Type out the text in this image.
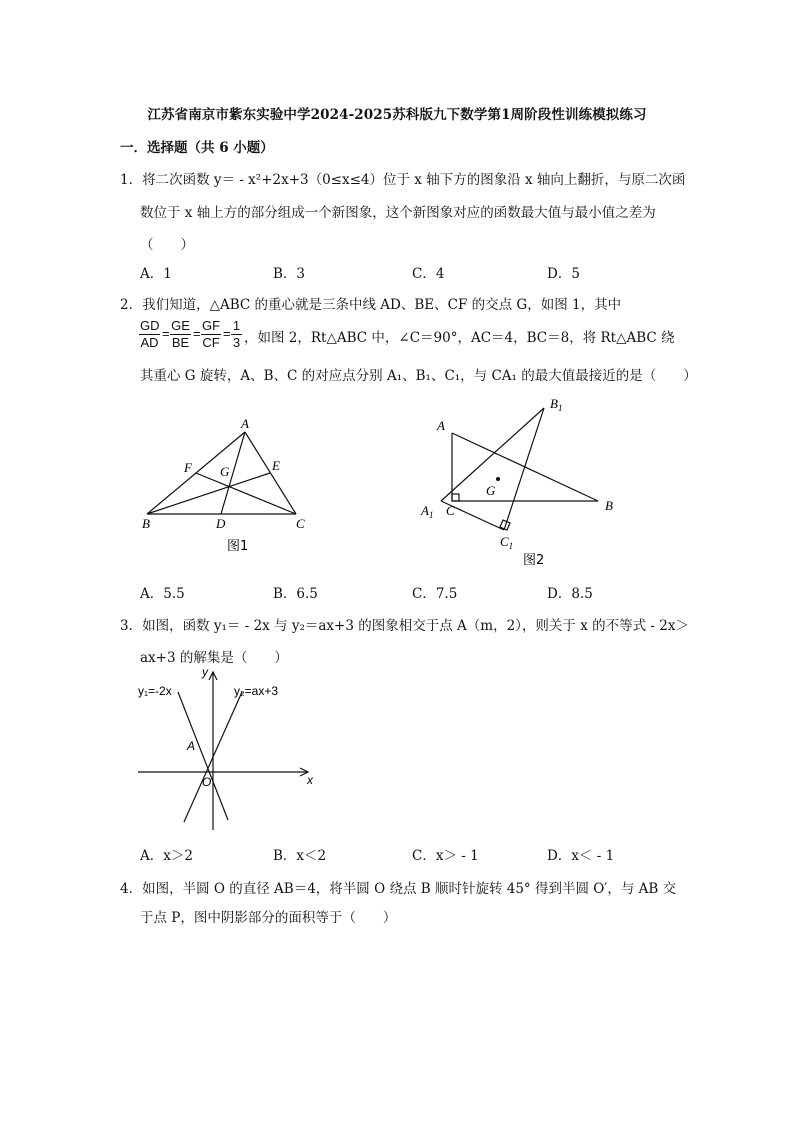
江苏省南京市紫东实验中学2024-2025苏科版九下数学第1周阶段性训练模拟练习
一．选择题（共 6 小题）
1．将二次函数 y＝ - x²+2x+3（0≤x≤4）位于 x 轴下方的图象沿 x 轴向上翻折，与原二次函
数位于 x 轴上方的部分组成一个新图象，这个新图象对应的函数最大值与最小值之差为
（　　）
A．1	B．3	C．4	D．5
2．我们知道，△ABC 的重心就是三条中线 AD、BE、CF 的交点 G，如图 1，其中
$\frac{GD}{AD} = \frac{GE}{BE} = \frac{GF}{CF} = \frac{1}{3}$ ，如图 2，Rt△ABC 中，∠C＝90°，AC＝4，BC＝8，将 Rt△ABC 绕
其重心 G 旋转，A、B、C 的对应点分别 A₁、B₁、C₁，与 CA₁ 的最大值最接近的是（　　）
A
B	C
D
E
F G
图1
A
B
C
G
$A_1$
$B_1$
$C_1$
图2
A．5.5	B．6.5	C．7.5	D．8.5
3．如图，函数 y₁＝ - 2x 与 y₂＝ax+3 的图象相交于点 A（m，2），则关于 x 的不等式 - 2x＞
ax+3 的解集是（　　）
y₁=-2x	y₂=ax+3
A
O	x
y
A．x＞2	B．x＜2	C．x＞ - 1	D．x＜ - 1
4．如图，半圆 O 的直径 AB＝4，将半圆 O 绕点 B 顺时针旋转 45° 得到半圆 O′，与 AB 交
于点 P，图中阴影部分的面积等于（　　）
